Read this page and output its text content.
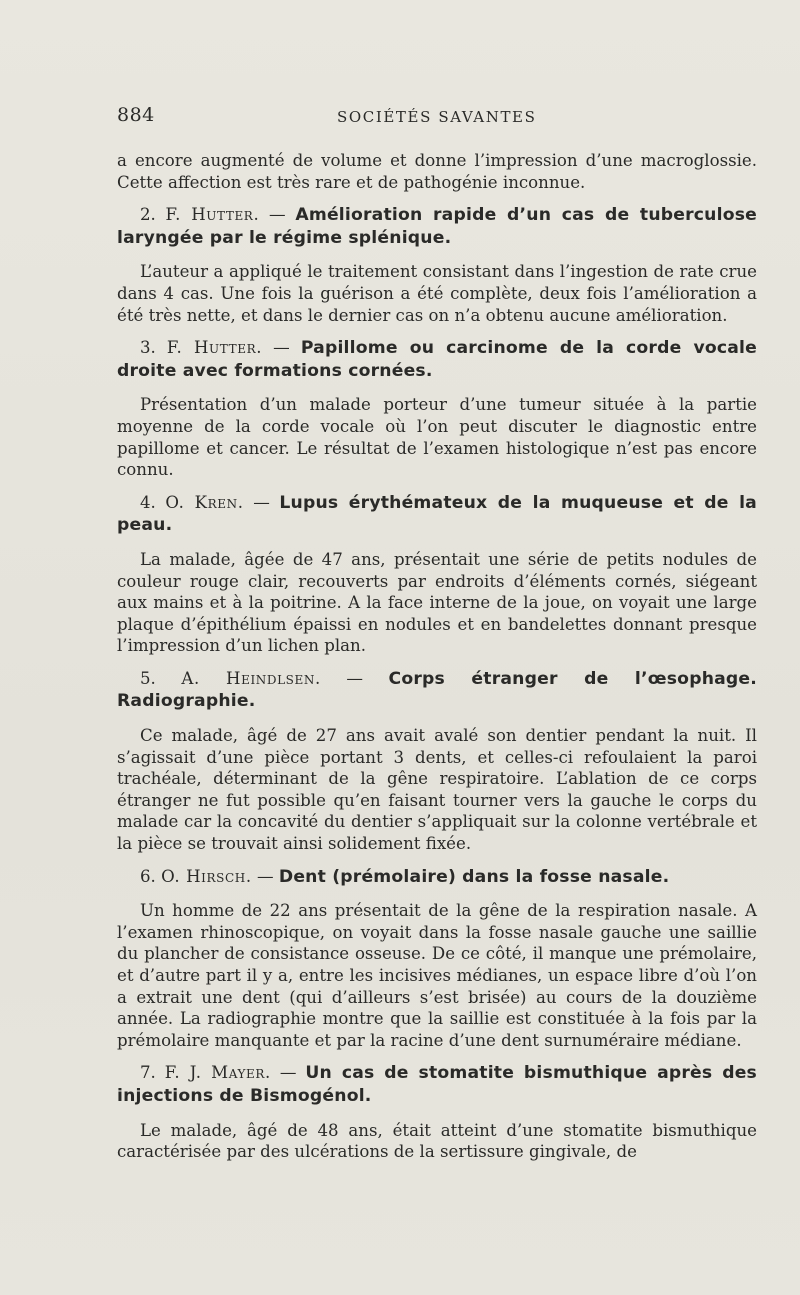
884	SOCIÉTÉS SAVANTES

a encore augmenté de volume et donne l’impression d’une macroglossie. Cette affection est très rare et de pathogénie inconnue.

2. F. Hutter. — Amélioration rapide d’un cas de tuberculose laryngée par le régime splénique.

L’auteur a appliqué le traitement consistant dans l’ingestion de rate crue dans 4 cas. Une fois la guérison a été complète, deux fois l’amélioration a été très nette, et dans le dernier cas on n’a obtenu aucune amélioration.

3. F. Hutter. — Papillome ou carcinome de la corde vocale droite avec formations cornées.

Présentation d’un malade porteur d’une tumeur située à la partie moyenne de la corde vocale où l’on peut discuter le diagnostic entre papillome et cancer. Le résultat de l’examen histologique n’est pas encore connu.

4. O. Kren. — Lupus érythémateux de la muqueuse et de la peau.

La malade, âgée de 47 ans, présentait une série de petits nodules de couleur rouge clair, recouverts par endroits d’éléments cornés, siégeant aux mains et à la poitrine. A la face interne de la joue, on voyait une large plaque d’épithélium épaissi en nodules et en bandelettes donnant presque l’impression d’un lichen plan.

5. A. Heindlsen. — Corps étranger de l’œsophage. Radiographie.

Ce malade, âgé de 27 ans avait avalé son dentier pendant la nuit. Il s’agissait d’une pièce portant 3 dents, et celles-ci refoulaient la paroi trachéale, déterminant de la gêne respiratoire. L’ablation de ce corps étranger ne fut possible qu’en faisant tourner vers la gauche le corps du malade car la concavité du dentier s’appliquait sur la colonne vertébrale et la pièce se trouvait ainsi solidement fixée.

6. O. Hirsch. — Dent (prémolaire) dans la fosse nasale.

Un homme de 22 ans présentait de la gêne de la respiration nasale. A l’examen rhinoscopique, on voyait dans la fosse nasale gauche une saillie du plancher de consistance osseuse. De ce côté, il manque une prémolaire, et d’autre part il y a, entre les incisives médianes, un espace libre d’où l’on a extrait une dent (qui d’ailleurs s’est brisée) au cours de la douzième année. La radiographie montre que la saillie est constituée à la fois par la prémolaire manquante et par la racine d’une dent surnuméraire médiane.

7. F. J. Mayer. — Un cas de stomatite bismuthique après des injections de Bismogénol.

Le malade, âgé de 48 ans, était atteint d’une stomatite bismuthique caractérisée par des ulcérations de la sertissure gingivale, de
